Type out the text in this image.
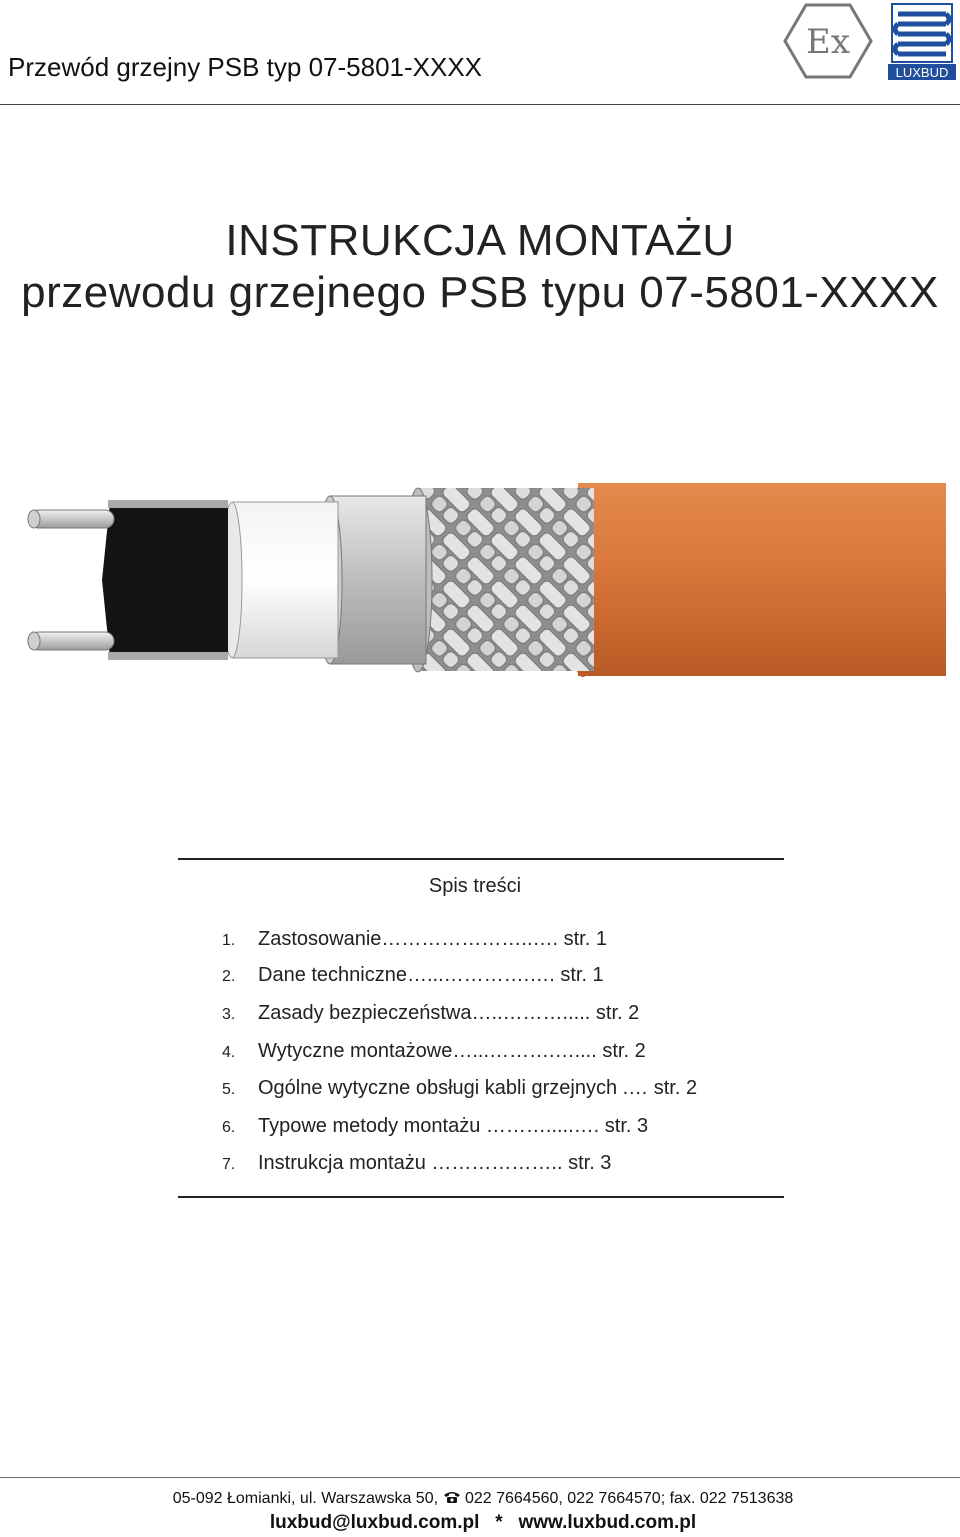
Przewód grzejny PSB typ 07-5801-XXXX
Ex
LUXBUD
INSTRUKCJA MONTAŻU
przewodu grzejnego PSB typu 07-5801-XXXX
Spis treści
1. Zastosowanie…………………..…. str. 1
2. Dane techniczne…...………….…. str. 1
3. Zasady bezpieczeństwa…..………..... str. 2
4. Wytyczne montażowe…...……….….... str. 2
5. Ogólne wytyczne obsługi kabli grzejnych .… str. 2
6. Typowe metody montażu ……….....…. str. 3
7. Instrukcja montażu ……………….. str. 3
05-092 Łomianki, ul. Warszawska 50, 022 7664560, 022 7664570; fax. 022 7513638
luxbud@luxbud.com.pl   *   www.luxbud.com.pl
